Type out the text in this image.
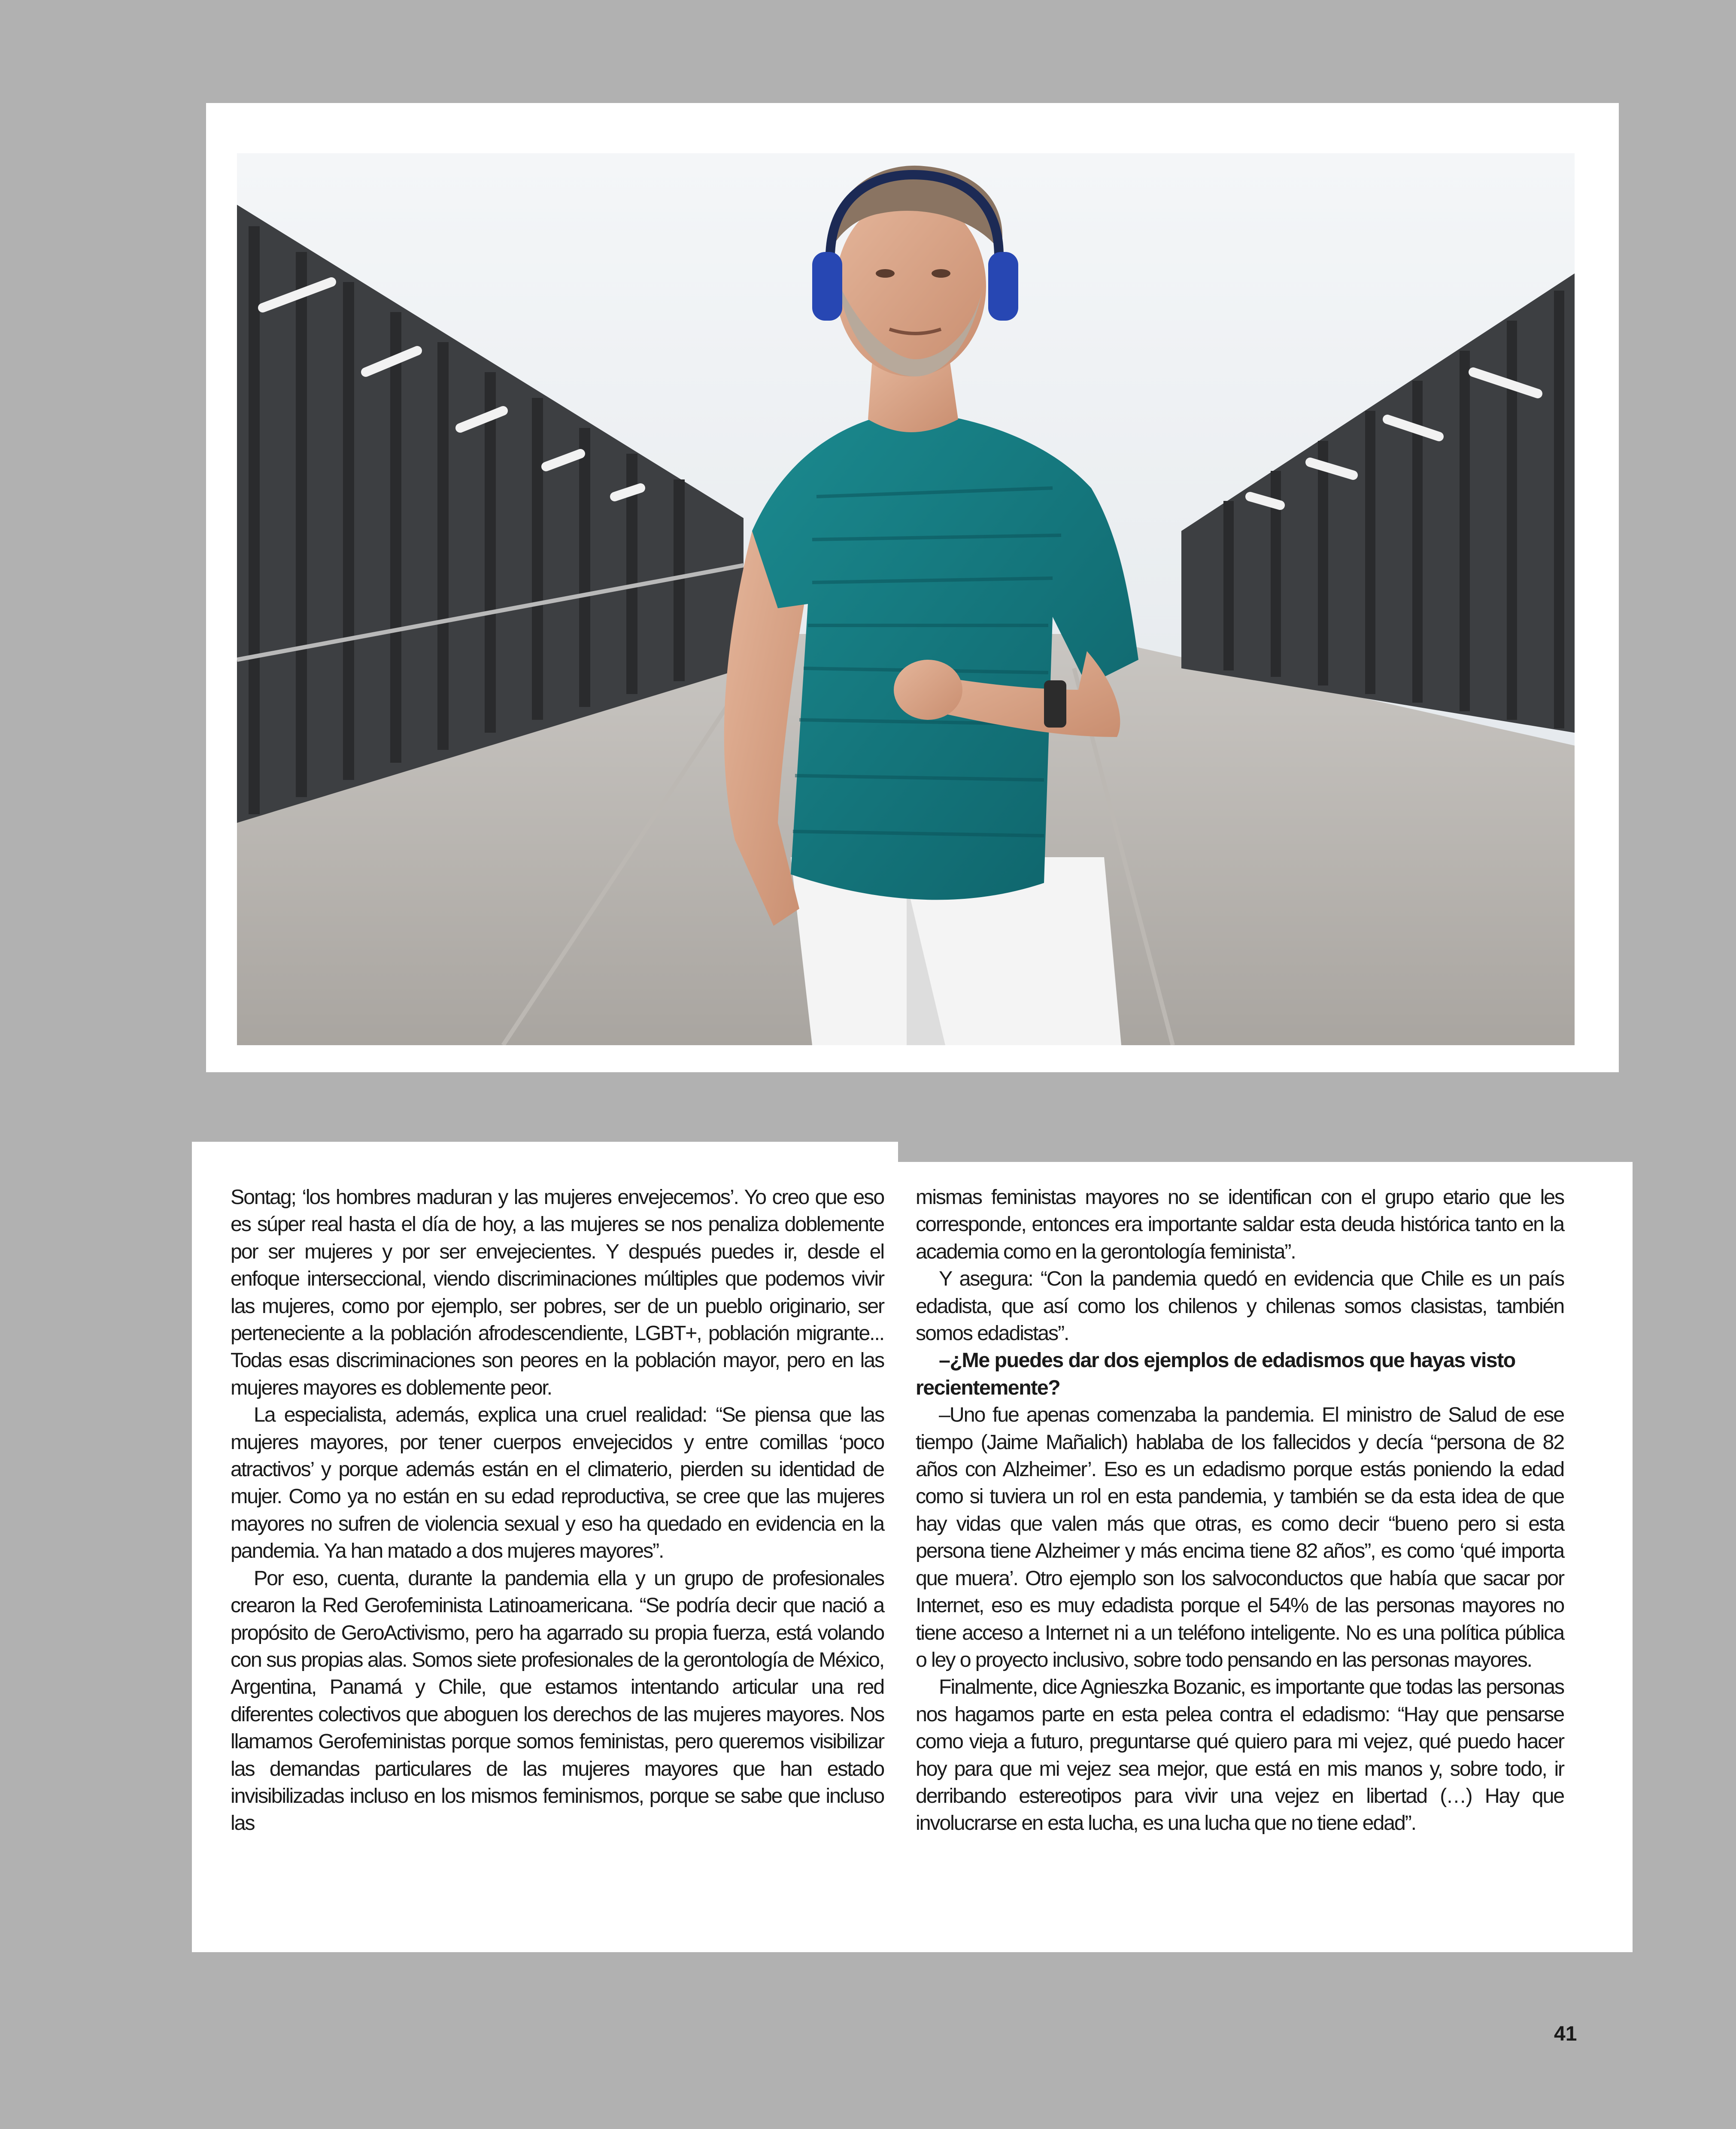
Sontag; ‘los hombres maduran y las mujeres envejecemos’. Yo creo que eso es súper real hasta el día de hoy, a las mujeres se nos penaliza doblemente por ser mujeres y por ser envejecientes. Y después puedes ir, desde el enfoque interseccional, viendo discriminaciones múltiples que podemos vivir las mujeres, como por ejemplo, ser pobres, ser de un pueblo originario, ser perteneciente a la población afrodescendiente, LGBT+, población migrante... Todas esas discriminaciones son peores en la población mayor, pero en las mujeres mayores es doblemente peor.

La especialista, además, explica una cruel realidad: “Se piensa que las mujeres mayores, por tener cuerpos envejecidos y entre comillas ‘poco atractivos’ y porque además están en el climaterio, pierden su identidad de mujer. Como ya no están en su edad reproductiva, se cree que las mujeres mayores no sufren de violencia sexual y eso ha quedado en evidencia en la pandemia. Ya han matado a dos mujeres mayores”.

Por eso, cuenta, durante la pandemia ella y un grupo de profesionales crearon la Red Gerofeminista Latinoamericana. “Se podría decir que nació a propósito de GeroActivismo, pero ha agarrado su propia fuerza, está volando con sus propias alas. Somos siete profesionales de la gerontología de México, Argentina, Panamá y Chile, que estamos intentando articular una red diferentes colectivos que aboguen los derechos de las mujeres mayores. Nos llamamos Gerofeministas porque somos feministas, pero queremos visibilizar las demandas particulares de las mujeres mayores que han estado invisibilizadas incluso en los mismos feminismos, porque se sabe que incluso las

mismas feministas mayores no se identifican con el grupo etario que les corresponde, entonces era importante saldar esta deuda histórica tanto en la academia como en la gerontología feminista”.

Y asegura: “Con la pandemia quedó en evidencia que Chile es un país edadista, que así como los chilenos y chilenas somos clasistas, también somos edadistas”.

–¿Me puedes dar dos ejemplos de edadismos que hayas visto recientemente?

–Uno fue apenas comenzaba la pandemia. El ministro de Salud de ese tiempo (Jaime Mañalich) hablaba de los fallecidos y decía “persona de 82 años con Alzheimer’. Eso es un edadismo porque estás poniendo la edad como si tuviera un rol en esta pandemia, y también se da esta idea de que hay vidas que valen más que otras, es como decir “bueno pero si esta persona tiene Alzheimer y más encima tiene 82 años”, es como ‘qué importa que muera’. Otro ejemplo son los salvoconductos que había que sacar por Internet, eso es muy edadista porque el 54% de las personas mayores no tiene acceso a Internet ni a un teléfono inteligente. No es una política pública o ley o proyecto inclusivo, sobre todo pensando en las personas mayores.

Finalmente, dice Agnieszka Bozanic, es importante que todas las personas nos hagamos parte en esta pelea contra el edadismo: “Hay que pensarse como vieja a futuro, preguntarse qué quiero para mi vejez, qué puedo hacer hoy para que mi vejez sea mejor, que está en mis manos y, sobre todo, ir derribando estereotipos para vivir una vejez en libertad (…) Hay que involucrarse en esta lucha, es una lucha que no tiene edad”.

41
